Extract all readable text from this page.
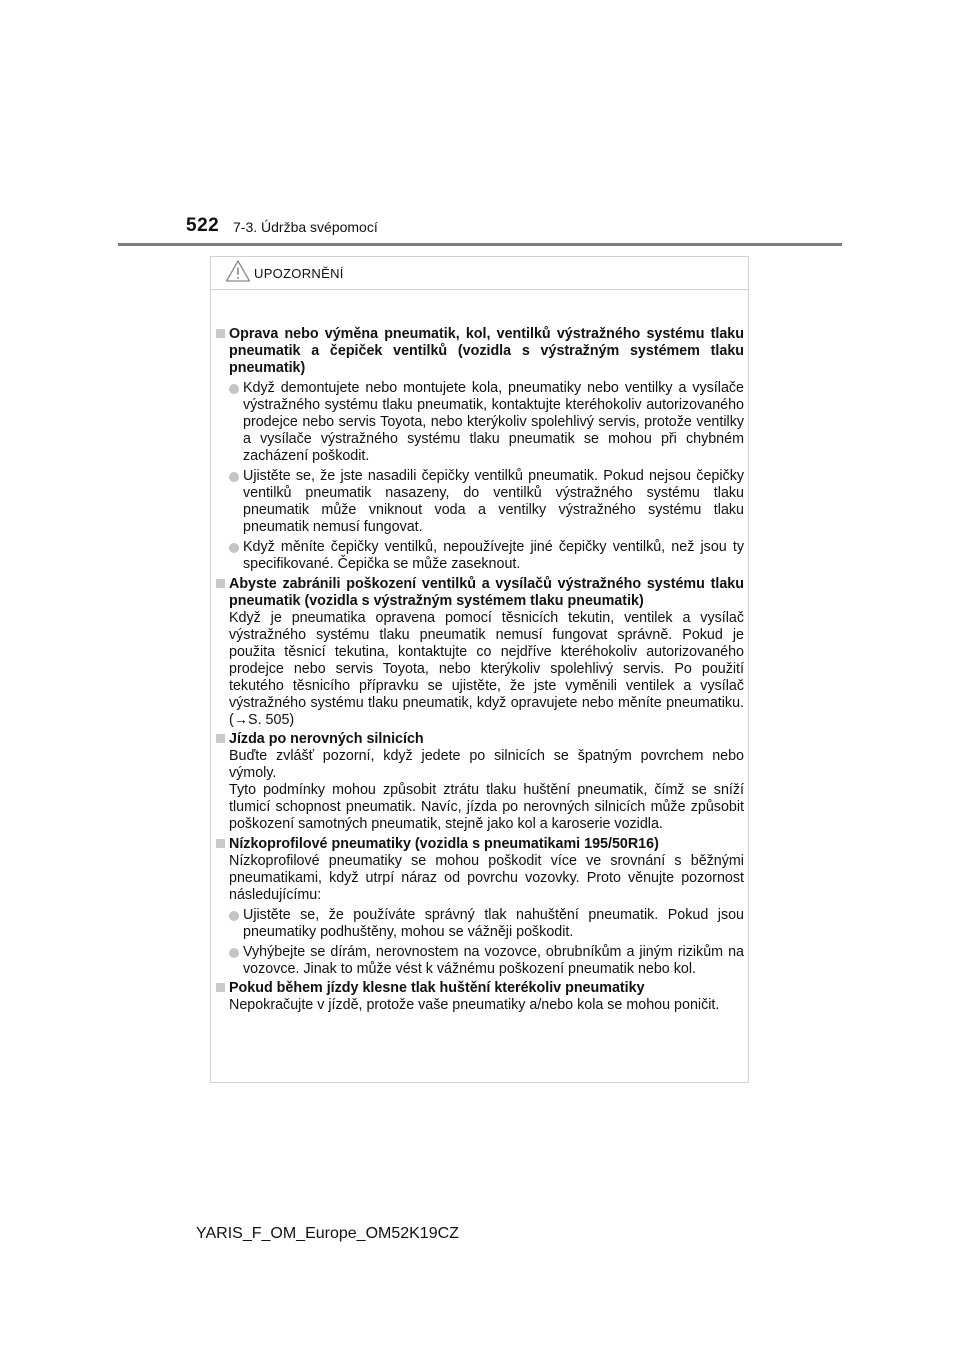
522 7-3. Údržba svépomocí
UPOZORNĚNÍ
Oprava nebo výměna pneumatik, kol, ventilků výstražného systému tlaku pneumatik a čepiček ventilků (vozidla s výstražným systémem tlaku pneumatik)
Když demontujete nebo montujete kola, pneumatiky nebo ventilky a vysílače výstražného systému tlaku pneumatik, kontaktujte kteréhokoliv autorizovaného prodejce nebo servis Toyota, nebo kterýkoliv spolehlivý servis, protože ventilky a vysílače výstražného systému tlaku pneumatik se mohou při chybném zacházení poškodit.
Ujistěte se, že jste nasadili čepičky ventilků pneumatik. Pokud nejsou čepičky ventilků pneumatik nasazeny, do ventilků výstražného systému tlaku pneumatik může vniknout voda a ventilky výstražného systému tlaku pneumatik nemusí fungovat.
Když měníte čepičky ventilků, nepoužívejte jiné čepičky ventilků, než jsou ty specifikované. Čepička se může zaseknout.
Abyste zabránili poškození ventilků a vysílačů výstražného systému tlaku pneumatik (vozidla s výstražným systémem tlaku pneumatik)
Když je pneumatika opravena pomocí těsnicích tekutin, ventilek a vysílač výstražného systému tlaku pneumatik nemusí fungovat správně. Pokud je použita těsnicí tekutina, kontaktujte co nejdříve kteréhokoliv autorizovaného prodejce nebo servis Toyota, nebo kterýkoliv spolehlivý servis. Po použití tekutého těsnicího přípravku se ujistěte, že jste vyměnili ventilek a vysílač výstražného systému tlaku pneumatik, když opravujete nebo měníte pneumatiku. (→S. 505)
Jízda po nerovných silnicích
Buďte zvlášť pozorní, když jedete po silnicích se špatným povrchem nebo výmoly.
Tyto podmínky mohou způsobit ztrátu tlaku huštění pneumatik, čímž se sníží tlumicí schopnost pneumatik. Navíc, jízda po nerovných silnicích může způsobit poškození samotných pneumatik, stejně jako kol a karoserie vozidla.
Nízkoprofilové pneumatiky (vozidla s pneumatikami 195/50R16)
Nízkoprofilové pneumatiky se mohou poškodit více ve srovnání s běžnými pneumatikami, když utrpí náraz od povrchu vozovky. Proto věnujte pozornost následujícímu:
Ujistěte se, že používáte správný tlak nahuštění pneumatik. Pokud jsou pneumatiky podhuštěny, mohou se vážněji poškodit.
Vyhýbejte se dírám, nerovnostem na vozovce, obrubníkům a jiným rizikům na vozovce. Jinak to může vést k vážnému poškození pneumatik nebo kol.
Pokud během jízdy klesne tlak huštění kterékoliv pneumatiky
Nepokračujte v jízdě, protože vaše pneumatiky a/nebo kola se mohou poničit.
YARIS_F_OM_Europe_OM52K19CZ
